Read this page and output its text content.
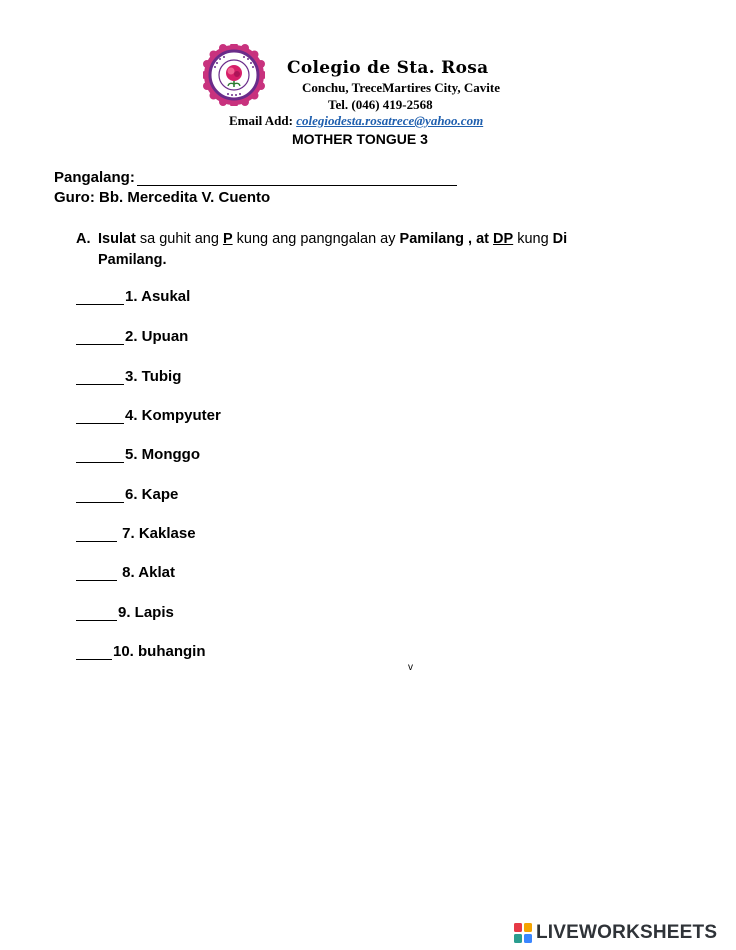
Colegio de Sta. Rosa
Conchu, TreceMartires City, Cavite
Tel. (046) 419-2568
Email Add: colegiodesta.rosatrece@yahoo.com
MOTHER TONGUE 3
Pangalang:
Guro: Bb. Mercedita V. Cuento
A. Isulat sa guhit ang P kung ang pangngalan ay Pamilang , at DP kung Di
Pamilang.
1. Asukal
2. Upuan
3. Tubig
4. Kompyuter
5. Monggo
6. Kape
7. Kaklase
8. Aklat
9. Lapis
10. buhangin
v
LIVEWORKSHEETS
